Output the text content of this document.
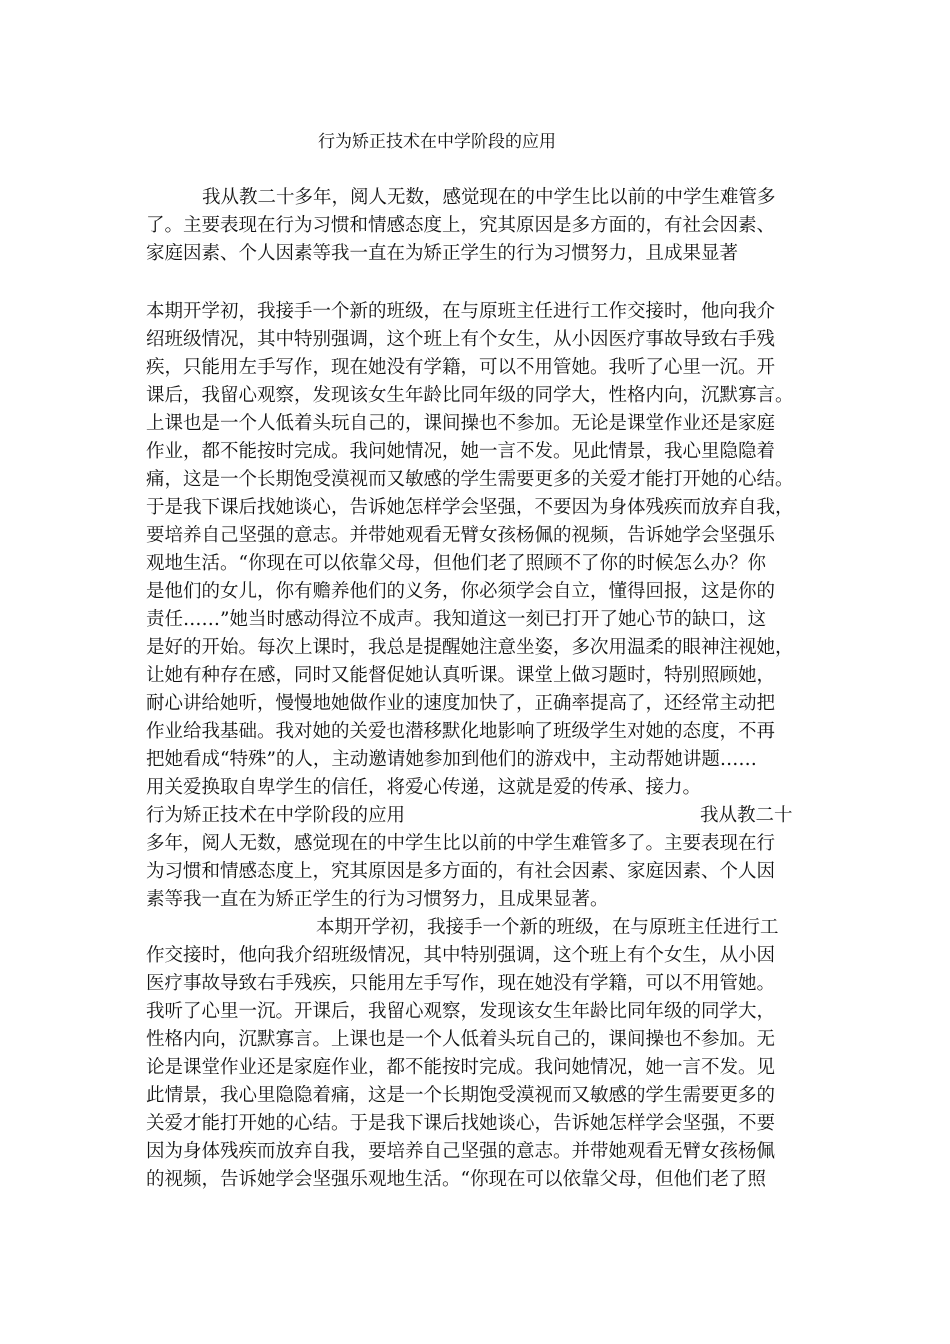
行为矫正技术在中学阶段的应用
我从教二十多年，阅人无数，感觉现在的中学生比以前的中学生难管多
了。主要表现在行为习惯和情感态度上，究其原因是多方面的，有社会因素、
家庭因素、个人因素等我一直在为矫正学生的行为习惯努力，且成果显著
本期开学初，我接手一个新的班级，在与原班主任进行工作交接时，他向我介
绍班级情况，其中特别强调，这个班上有个女生，从小因医疗事故导致右手残
疾，只能用左手写作，现在她没有学籍，可以不用管她。我听了心里一沉。开
课后，我留心观察，发现该女生年龄比同年级的同学大，性格内向，沉默寡言。
上课也是一个人低着头玩自己的，课间操也不参加。无论是课堂作业还是家庭
作业，都不能按时完成。我问她情况，她一言不发。见此情景，我心里隐隐着
痛，这是一个长期饱受漠视而又敏感的学生需要更多的关爱才能打开她的心结。
于是我下课后找她谈心，告诉她怎样学会坚强，不要因为身体残疾而放弃自我，
要培养自己坚强的意志。并带她观看无臂女孩杨佩的视频，告诉她学会坚强乐
观地生活。“你现在可以依靠父母，但他们老了照顾不了你的时候怎么办？你
是他们的女儿，你有赡养他们的义务，你必须学会自立，懂得回报，这是你的
责任……”她当时感动得泣不成声。我知道这一刻已打开了她心节的缺口，这
是好的开始。每次上课时，我总是提醒她注意坐姿，多次用温柔的眼神注视她，
让她有种存在感，同时又能督促她认真听课。课堂上做习题时，特别照顾她，
耐心讲给她听，慢慢地她做作业的速度加快了，正确率提高了，还经常主动把
作业给我基础。我对她的关爱也潜移默化地影响了班级学生对她的态度，不再
把她看成“特殊”的人，主动邀请她参加到他们的游戏中，主动帮她讲题……
用关爱换取自卑学生的信任，将爱心传递，这就是爱的传承、接力。
行为矫正技术在中学阶段的应用	我从教二十
多年，阅人无数，感觉现在的中学生比以前的中学生难管多了。主要表现在行
为习惯和情感态度上，究其原因是多方面的，有社会因素、家庭因素、个人因
素等我一直在为矫正学生的行为习惯努力，且成果显著。
本期开学初，我接手一个新的班级，在与原班主任进行工
作交接时，他向我介绍班级情况，其中特别强调，这个班上有个女生，从小因
医疗事故导致右手残疾，只能用左手写作，现在她没有学籍，可以不用管她。
我听了心里一沉。开课后，我留心观察，发现该女生年龄比同年级的同学大，
性格内向，沉默寡言。上课也是一个人低着头玩自己的，课间操也不参加。无
论是课堂作业还是家庭作业，都不能按时完成。我问她情况，她一言不发。见
此情景，我心里隐隐着痛，这是一个长期饱受漠视而又敏感的学生需要更多的
关爱才能打开她的心结。于是我下课后找她谈心，告诉她怎样学会坚强，不要
因为身体残疾而放弃自我，要培养自己坚强的意志。并带她观看无臂女孩杨佩
的视频，告诉她学会坚强乐观地生活。“你现在可以依靠父母，但他们老了照
